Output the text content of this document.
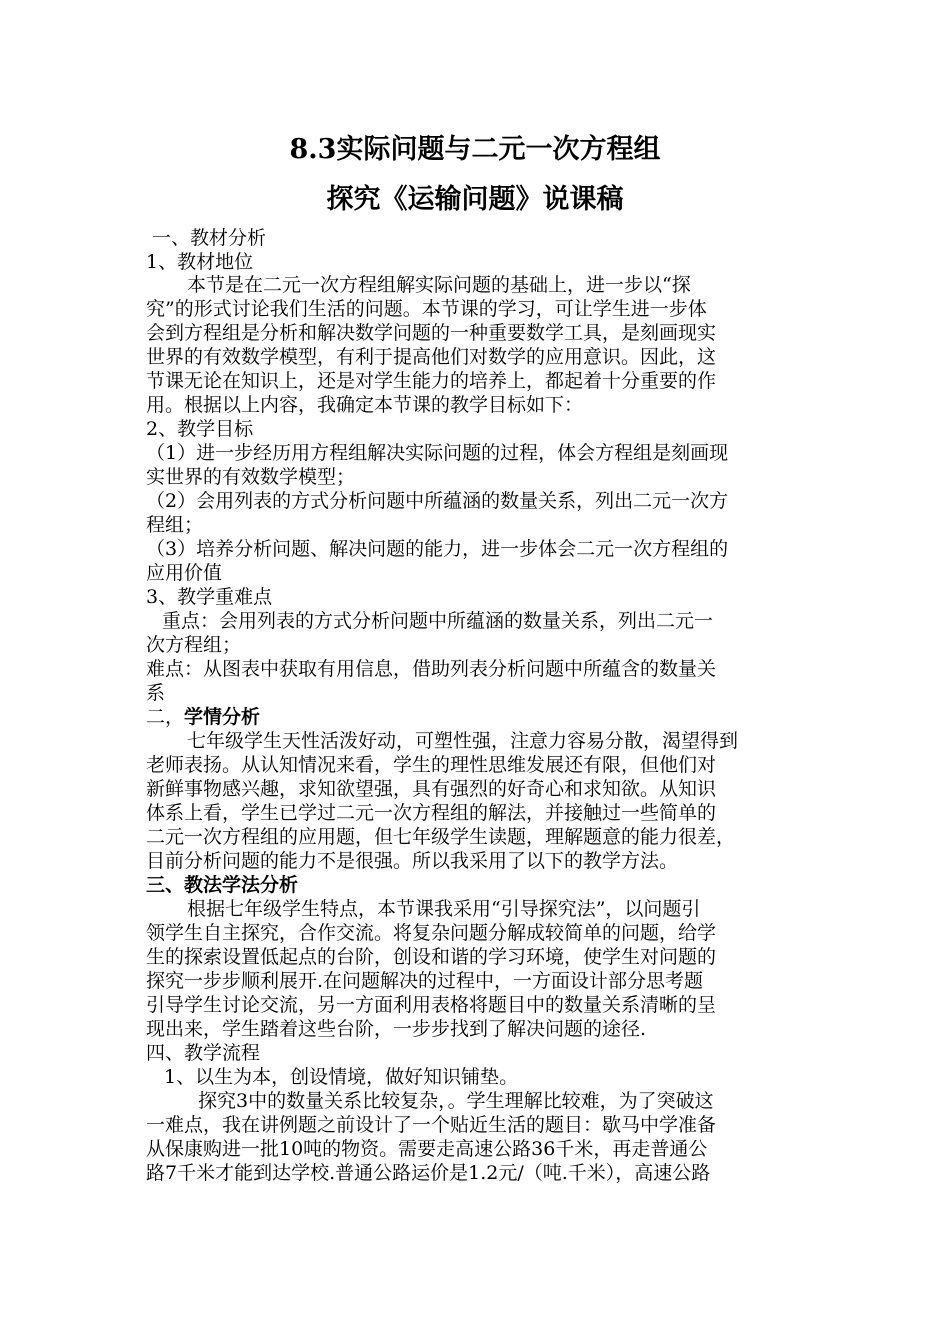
8.3实际问题与二元一次方程组
探究《运输问题》说课稿
一、教材分析
1、教材地位
本节是在二元一次方程组解实际问题的基础上，进一步以“探
究”的形式讨论我们生活的问题。本节课的学习，可让学生进一步体
会到方程组是分析和解决数学问题的一种重要数学工具，是刻画现实
世界的有效数学模型，有利于提高他们对数学的应用意识。因此，这
节课无论在知识上，还是对学生能力的培养上，都起着十分重要的作
用。根据以上内容，我确定本节课的教学目标如下：
2、教学目标
（1）进一步经历用方程组解决实际问题的过程，体会方程组是刻画现
实世界的有效数学模型；
（2）会用列表的方式分析问题中所蕴涵的数量关系，列出二元一次方
程组；
（3）培养分析问题、解决问题的能力，进一步体会二元一次方程组的
应用价值
3、教学重难点
重点：会用列表的方式分析问题中所蕴涵的数量关系，列出二元一
次方程组；
难点：从图表中获取有用信息，借助列表分析问题中所蕴含的数量关
系
二，学情分析
七年级学生天性活泼好动，可塑性强，注意力容易分散，渴望得到
老师表扬。从认知情况来看，学生的理性思维发展还有限，但他们对
新鲜事物感兴趣，求知欲望强，具有强烈的好奇心和求知欲。从知识
体系上看，学生已学过二元一次方程组的解法，并接触过一些简单的
二元一次方程组的应用题，但七年级学生读题，理解题意的能力很差，
目前分析问题的能力不是很强。所以我采用了以下的教学方法。
三、教法学法分析
根据七年级学生特点，本节课我采用“引导探究法”，以问题引
领学生自主探究，合作交流。将复杂问题分解成较简单的问题，给学
生的探索设置低起点的台阶，创设和谐的学习环境，使学生对问题的
探究一步步顺利展开.在问题解决的过程中，一方面设计部分思考题
引导学生讨论交流，另一方面利用表格将题目中的数量关系清晰的呈
现出来，学生踏着这些台阶，一步步找到了解决问题的途径.
四、教学流程
1、以生为本，创设情境，做好知识铺垫。
探究3中的数量关系比较复杂，。学生理解比较难，为了突破这
一难点，我在讲例题之前设计了一个贴近生活的题目：歇马中学准备
从保康购进一批10吨的物资。需要走高速公路36千米，再走普通公
路7千米才能到达学校.普通公路运价是1.2元/（吨.千米），高速公路
